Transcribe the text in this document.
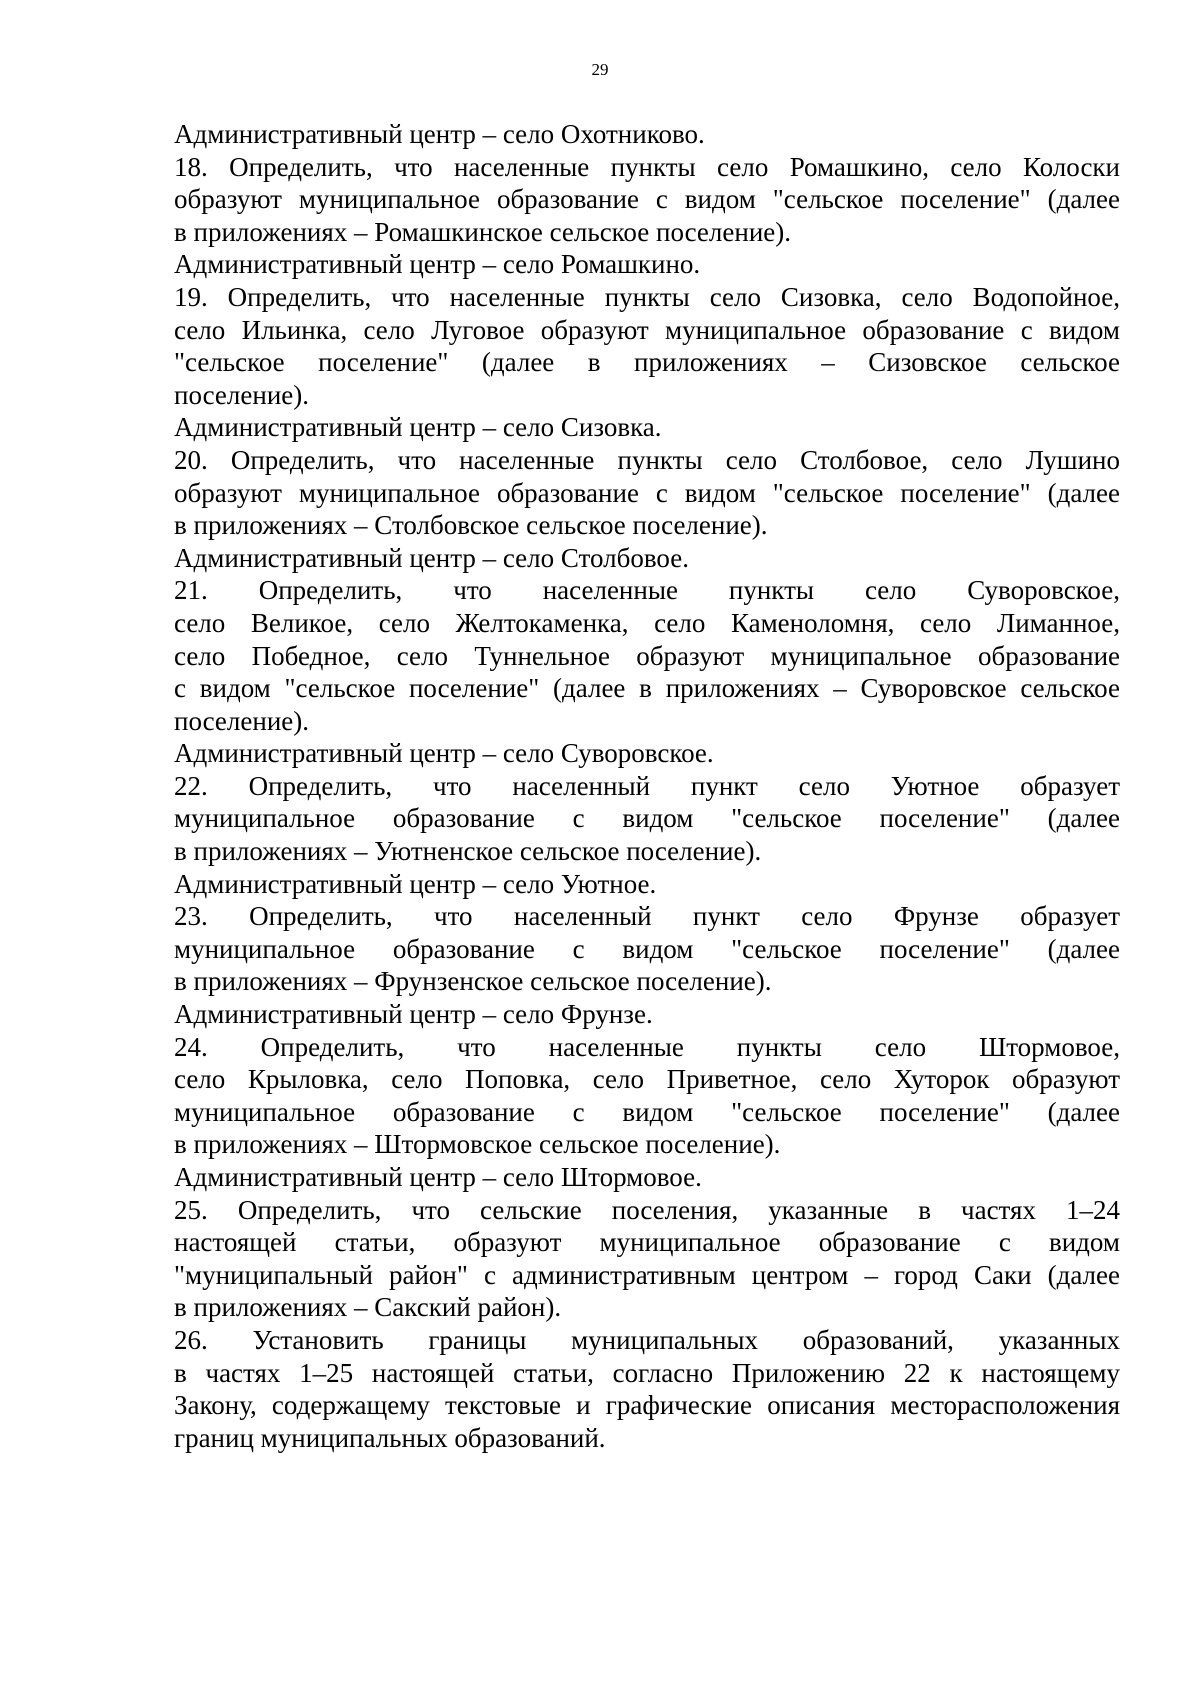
29
Административный центр – село Охотниково.
18. Определить, что населенные пункты село Ромашкино, село Колоски
образуют муниципальное образование с видом "сельское поселение" (далее
в приложениях – Ромашкинское сельское поселение).
Административный центр – село Ромашкино.
19. Определить, что населенные пункты село Сизовка, село Водопойное,
село Ильинка, село Луговое образуют муниципальное образование с видом
"сельское поселение" (далее в приложениях – Сизовское сельское
поселение).
Административный центр – село Сизовка.
20. Определить, что населенные пункты село Столбовое, село Лушино
образуют муниципальное образование с видом "сельское поселение" (далее
в приложениях – Столбовское сельское поселение).
Административный центр – село Столбовое.
21. Определить, что населенные пункты село Суворовское,
село Великое, село Желтокаменка, село Каменоломня, село Лиманное,
село Победное, село Туннельное образуют муниципальное образование
с видом "сельское поселение" (далее в приложениях – Суворовское сельское
поселение).
Административный центр – село Суворовское.
22. Определить, что населенный пункт село Уютное образует
муниципальное образование с видом "сельское поселение" (далее
в приложениях – Уютненское сельское поселение).
Административный центр – село Уютное.
23. Определить, что населенный пункт село Фрунзе образует
муниципальное образование с видом "сельское поселение" (далее
в приложениях – Фрунзенское сельское поселение).
Административный центр – село Фрунзе.
24. Определить, что населенные пункты село Штормовое,
село Крыловка, село Поповка, село Приветное, село Хуторок образуют
муниципальное образование с видом "сельское поселение" (далее
в приложениях – Штормовское сельское поселение).
Административный центр – село Штормовое.
25. Определить, что сельские поселения, указанные в частях 1–24
настоящей статьи, образуют муниципальное образование с видом
"муниципальный район" с административным центром – город Саки (далее
в приложениях – Сакский район).
26. Установить границы муниципальных образований, указанных
в частях 1–25 настоящей статьи, согласно Приложению 22 к настоящему
Закону, содержащему текстовые и графические описания месторасположения
границ муниципальных образований.
